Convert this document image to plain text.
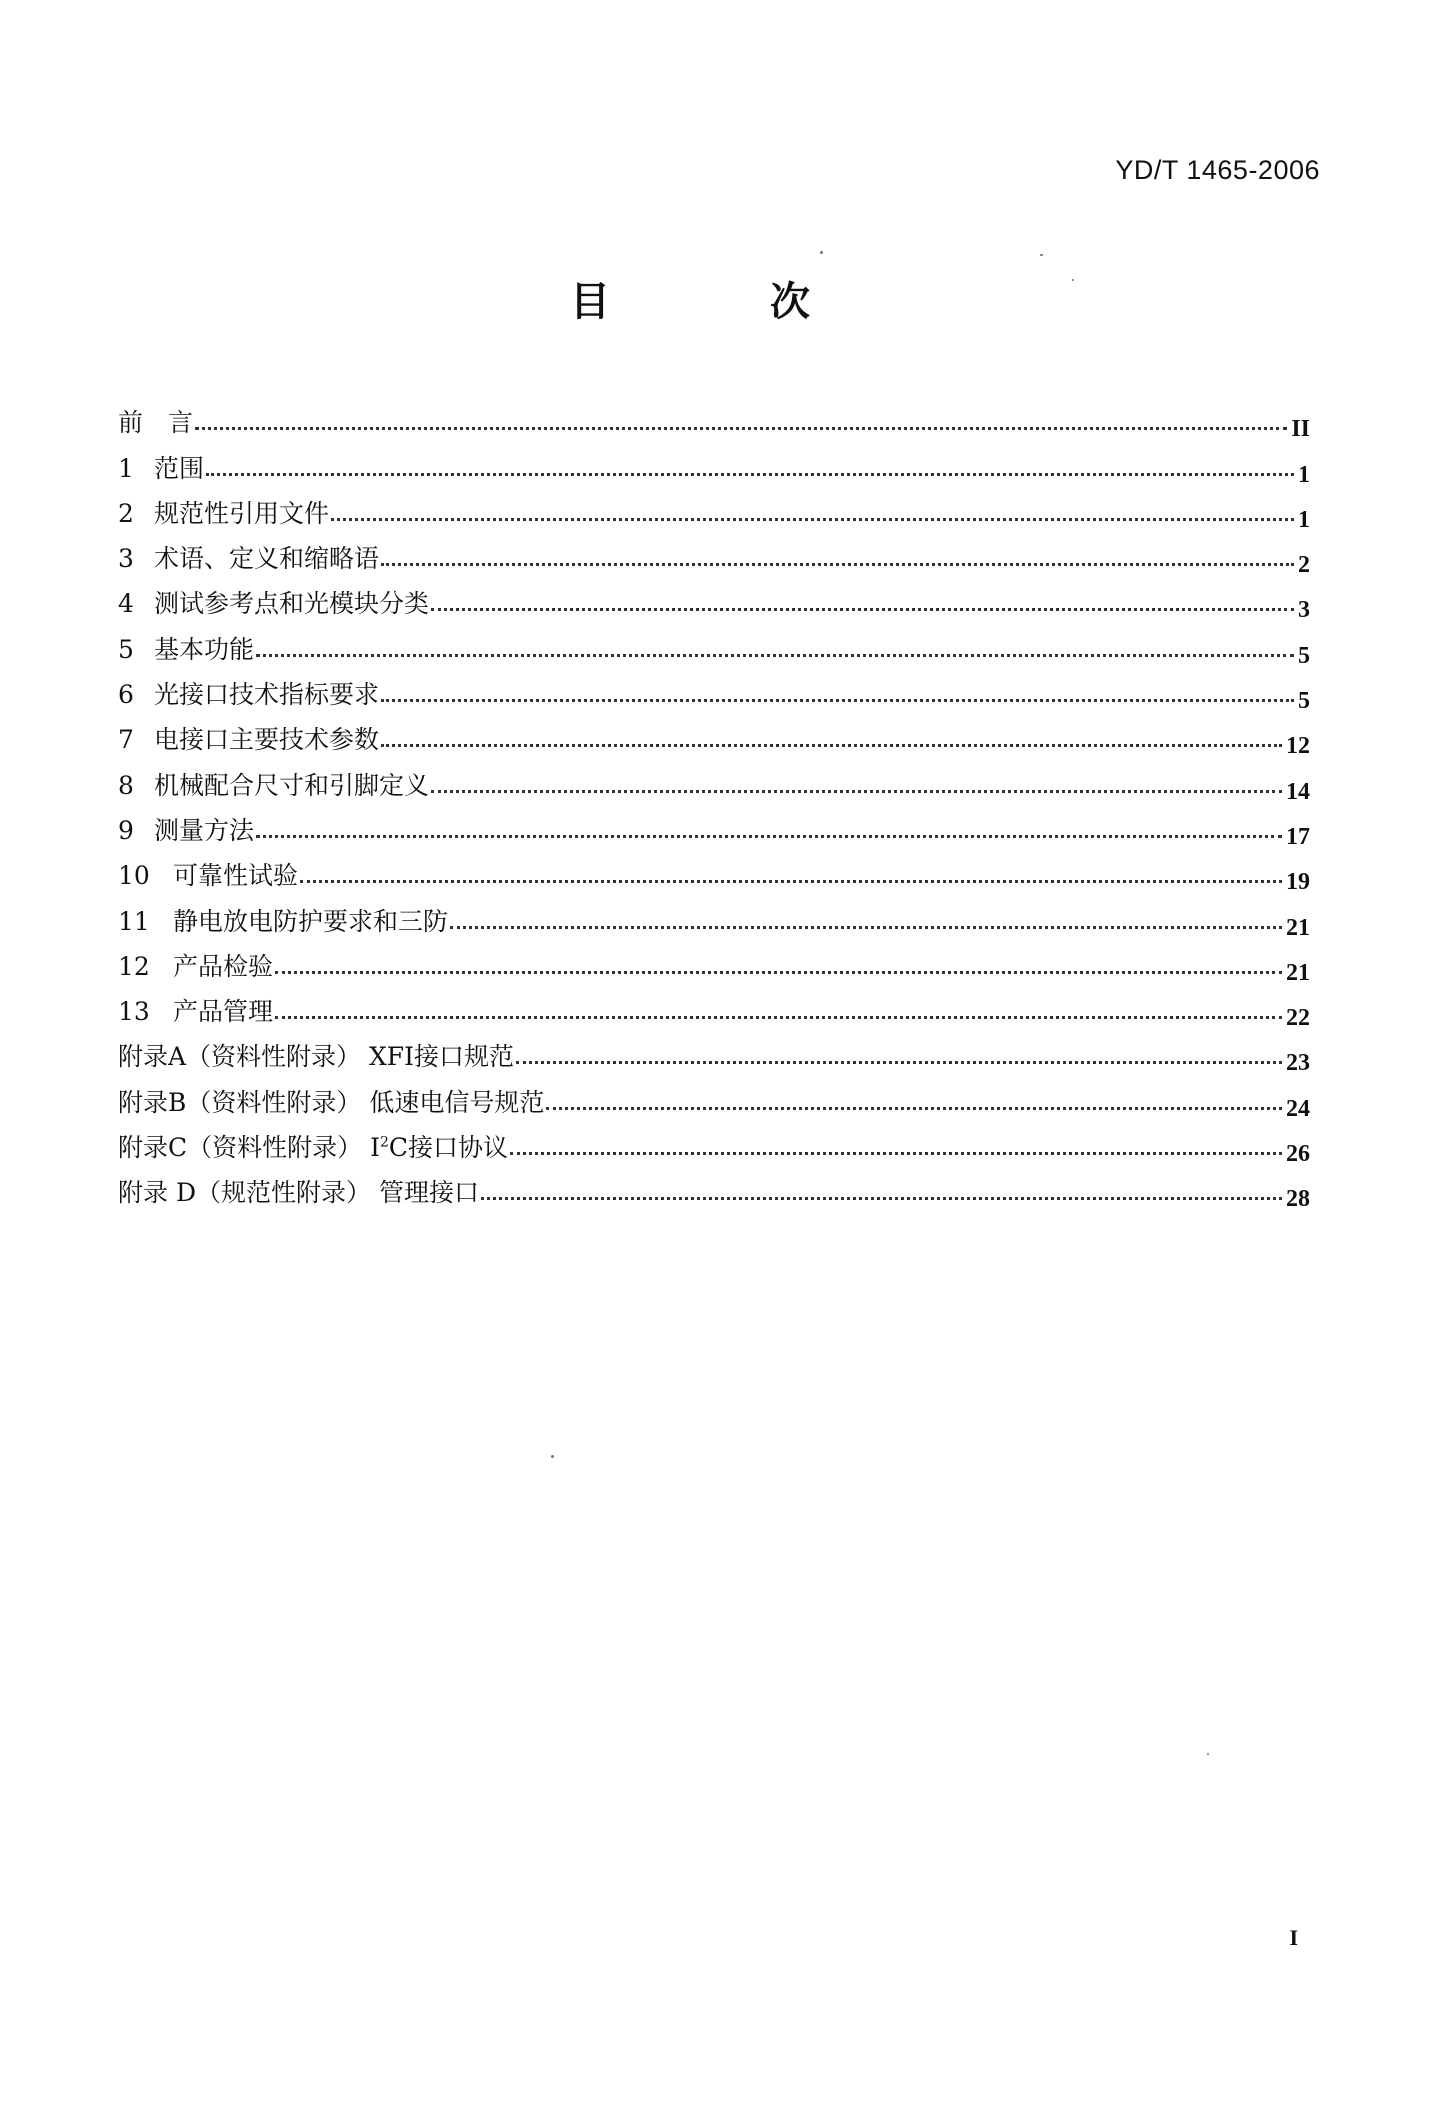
YD/T 1465-2006
目　次
前　言	II
1 范围	1
2 规范性引用文件	1
3 术语、定义和缩略语	2
4 测试参考点和光模块分类	3
5 基本功能	5
6 光接口技术指标要求	5
7 电接口主要技术参数	12
8 机械配合尺寸和引脚定义	14
9 测量方法	17
10 可靠性试验	19
11 静电放电防护要求和三防	21
12 产品检验	21
13 产品管理	22
附录A（资料性附录） XFI接口规范	23
附录B（资料性附录） 低速电信号规范	24
附录C（资料性附录） $I^2C$接口协议	26
附录 D（规范性附录） 管理接口	28
I
